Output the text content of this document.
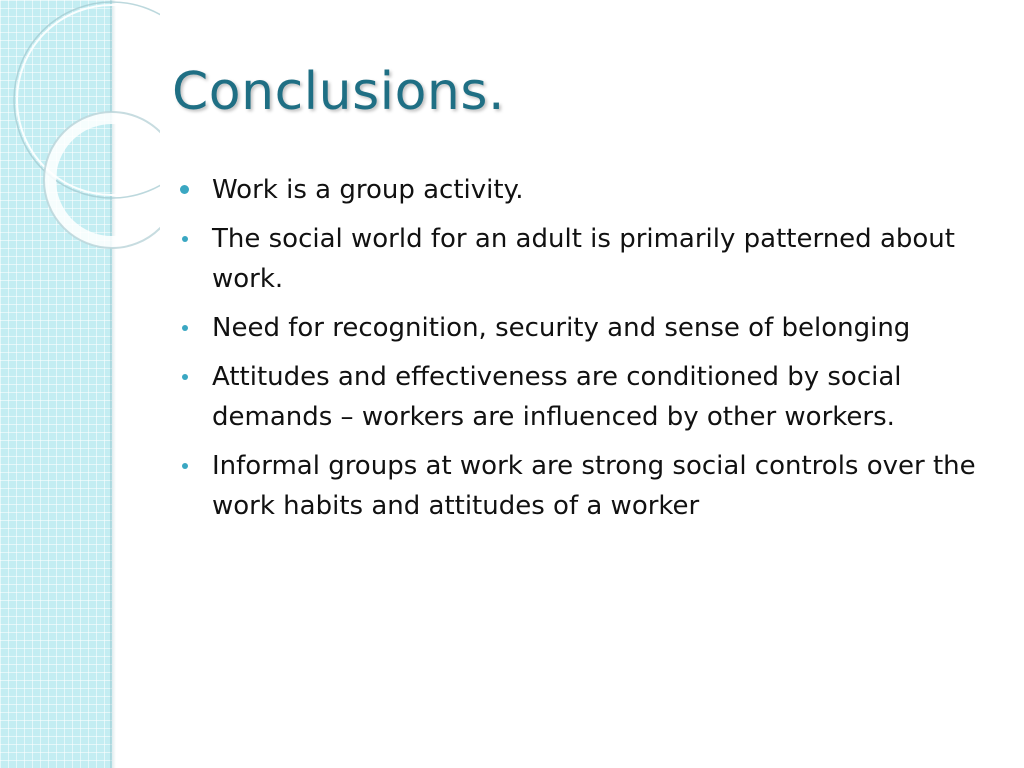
Conclusions.
Work is a group activity.
The social world for an adult is primarily patterned about work.
Need for recognition, security and sense of belonging
Attitudes and effectiveness are conditioned by social demands – workers are influenced by other workers.
Informal groups at work are strong social controls over the work habits and attitudes of a worker
